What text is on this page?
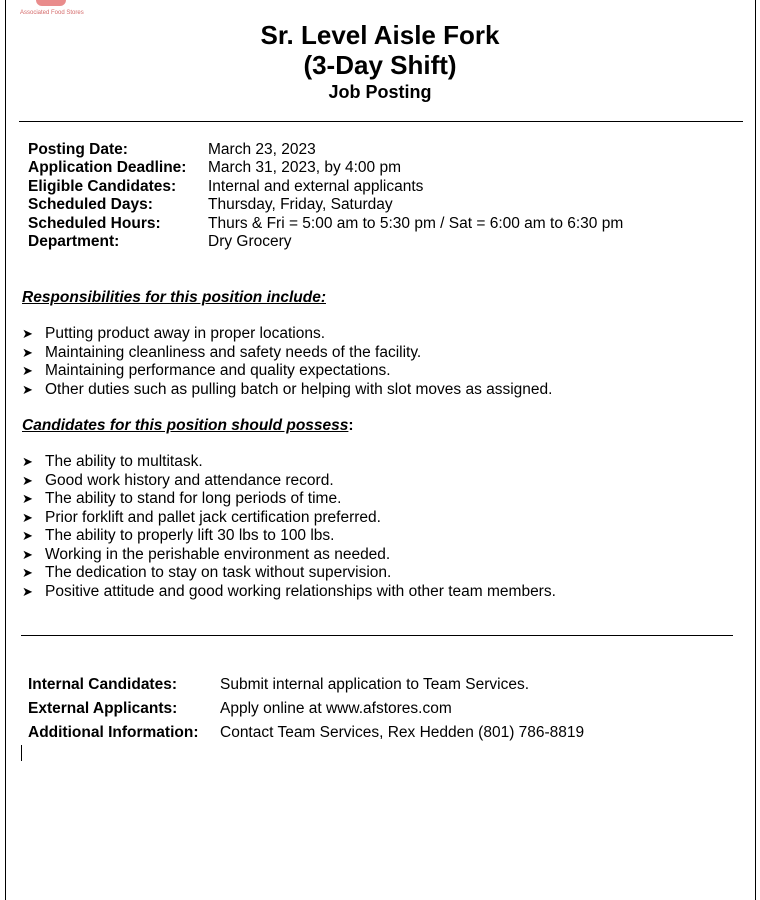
Associated Food Stores
Sr. Level Aisle Fork
(3-Day Shift)
Job Posting
Posting Date:	March 23, 2023
Application Deadline:	March 31, 2023, by 4:00 pm
Eligible Candidates:	Internal and external applicants
Scheduled Days:	Thursday, Friday, Saturday
Scheduled Hours:	Thurs & Fri = 5:00 am to 5:30 pm / Sat = 6:00 am to 6:30 pm
Department:	Dry Grocery
Responsibilities for this position include:
➤ Putting product away in proper locations.
➤ Maintaining cleanliness and safety needs of the facility.
➤ Maintaining performance and quality expectations.
➤ Other duties such as pulling batch or helping with slot moves as assigned.
Candidates for this position should possess:
➤ The ability to multitask.
➤ Good work history and attendance record.
➤ The ability to stand for long periods of time.
➤ Prior forklift and pallet jack certification preferred.
➤ The ability to properly lift 30 lbs to 100 lbs.
➤ Working in the perishable environment as needed.
➤ The dedication to stay on task without supervision.
➤ Positive attitude and good working relationships with other team members.
Internal Candidates:	Submit internal application to Team Services.
External Applicants:	Apply online at www.afstores.com
Additional Information:	Contact Team Services, Rex Hedden (801) 786-8819
